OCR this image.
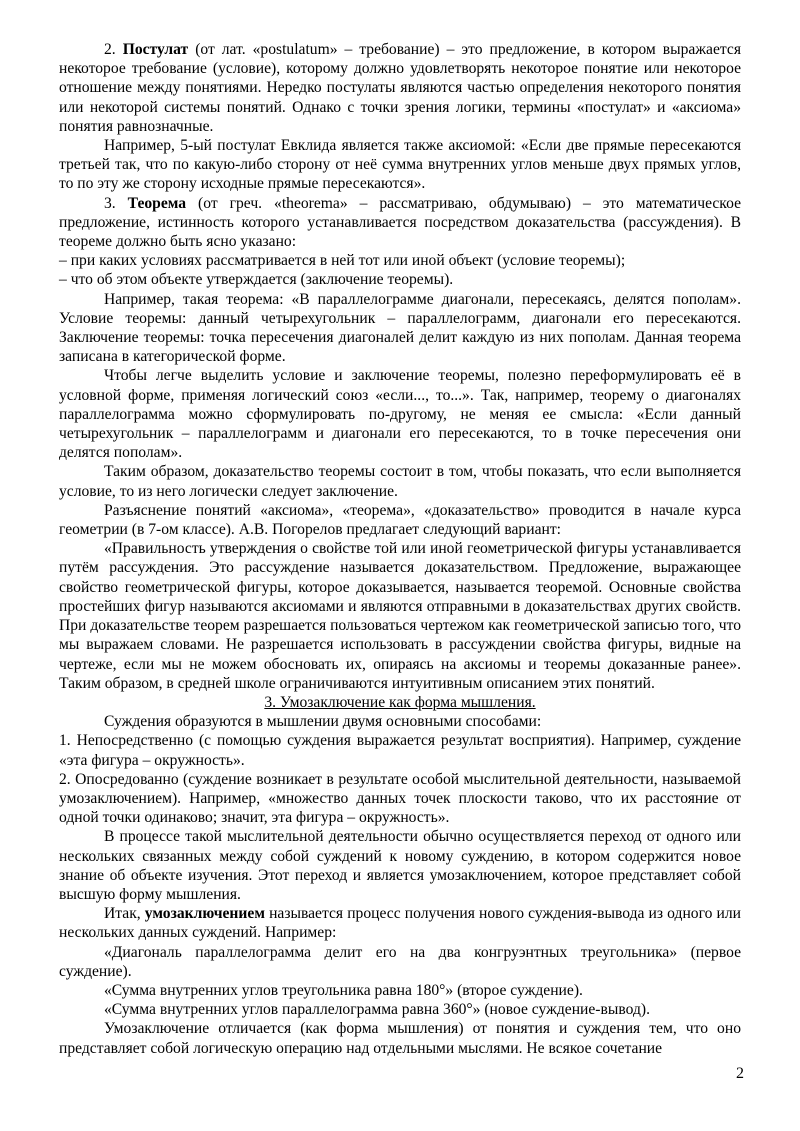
2. Постулат (от лат. «postulatum» – требование) – это предложение, в котором выражается некоторое требование (условие), которому должно удовлетворять некоторое понятие или некоторое отношение между понятиями. Нередко постулаты являются частью определения некоторого понятия или некоторой системы понятий. Однако с точки зрения логики, термины «постулат» и «аксиома» понятия равнозначные.

Например, 5-ый постулат Евклида является также аксиомой: «Если две прямые пересекаются третьей так, что по какую-либо сторону от неё сумма внутренних углов меньше двух прямых углов, то по эту же сторону исходные прямые пересекаются».

3. Теорема (от греч. «theorema» – рассматриваю, обдумываю) – это математическое предложение, истинность которого устанавливается посредством доказательства (рассуждения). В теореме должно быть ясно указано:

– при каких условиях рассматривается в ней тот или иной объект (условие теоремы);

– что об этом объекте утверждается (заключение теоремы).

Например, такая теорема: «В параллелограмме диагонали, пересекаясь, делятся пополам». Условие теоремы: данный четырехугольник – параллелограмм, диагонали его пересекаются. Заключение теоремы: точка пересечения диагоналей делит каждую из них пополам. Данная теорема записана в категорической форме.

Чтобы легче выделить условие и заключение теоремы, полезно переформулировать её в условной форме, применяя логический союз «если..., то...». Так, например, теорему о диагоналях параллелограмма можно сформулировать по-другому, не меняя ее смысла: «Если данный четырехугольник – параллелограмм и диагонали его пересекаются, то в точке пересечения они делятся пополам».

Таким образом, доказательство теоремы состоит в том, чтобы показать, что если выполняется условие, то из него логически следует заключение.

Разъяснение понятий «аксиома», «теорема», «доказательство» проводится в начале курса геометрии (в 7-ом классе). А.В. Погорелов предлагает следующий вариант:

«Правильность утверждения о свойстве той или иной геометрической фигуры устанавливается путём рассуждения. Это рассуждение называется доказательством. Предложение, выражающее свойство геометрической фигуры, которое доказывается, называется теоремой. Основные свойства простейших фигур называются аксиомами и являются отправными в доказательствах других свойств. При доказательстве теорем разрешается пользоваться чертежом как геометрической записью того, что мы выражаем словами. Не разрешается использовать в рассуждении свойства фигуры, видные на чертеже, если мы не можем обосновать их, опираясь на аксиомы и теоремы доказанные ранее». Таким образом, в средней школе ограничиваются интуитивным описанием этих понятий.

3. Умозаключение как форма мышления.

Суждения образуются в мышлении двумя основными способами:

1. Непосредственно (с помощью суждения выражается результат восприятия). Например, суждение «эта фигура – окружность».

2. Опосредованно (суждение возникает в результате особой мыслительной деятельности, называемой умозаключением). Например, «множество данных точек плоскости таково, что их расстояние от одной точки одинаково; значит, эта фигура – окружность».

В процессе такой мыслительной деятельности обычно осуществляется переход от одного или нескольких связанных между собой суждений к новому суждению, в котором содержится новое знание об объекте изучения. Этот переход и является умозаключением, которое представляет собой высшую форму мышления.

Итак, умозаключением называется процесс получения нового суждения-вывода из одного или нескольких данных суждений. Например:

«Диагональ параллелограмма делит его на два конгруэнтных треугольника» (первое суждение).

«Сумма внутренних углов треугольника равна 180°» (второе суждение).

«Сумма внутренних углов параллелограмма равна 360°» (новое суждение-вывод).

Умозаключение отличается (как форма мышления) от понятия и суждения тем, что оно представляет собой логическую операцию над отдельными мыслями. Не всякое сочетание

2
